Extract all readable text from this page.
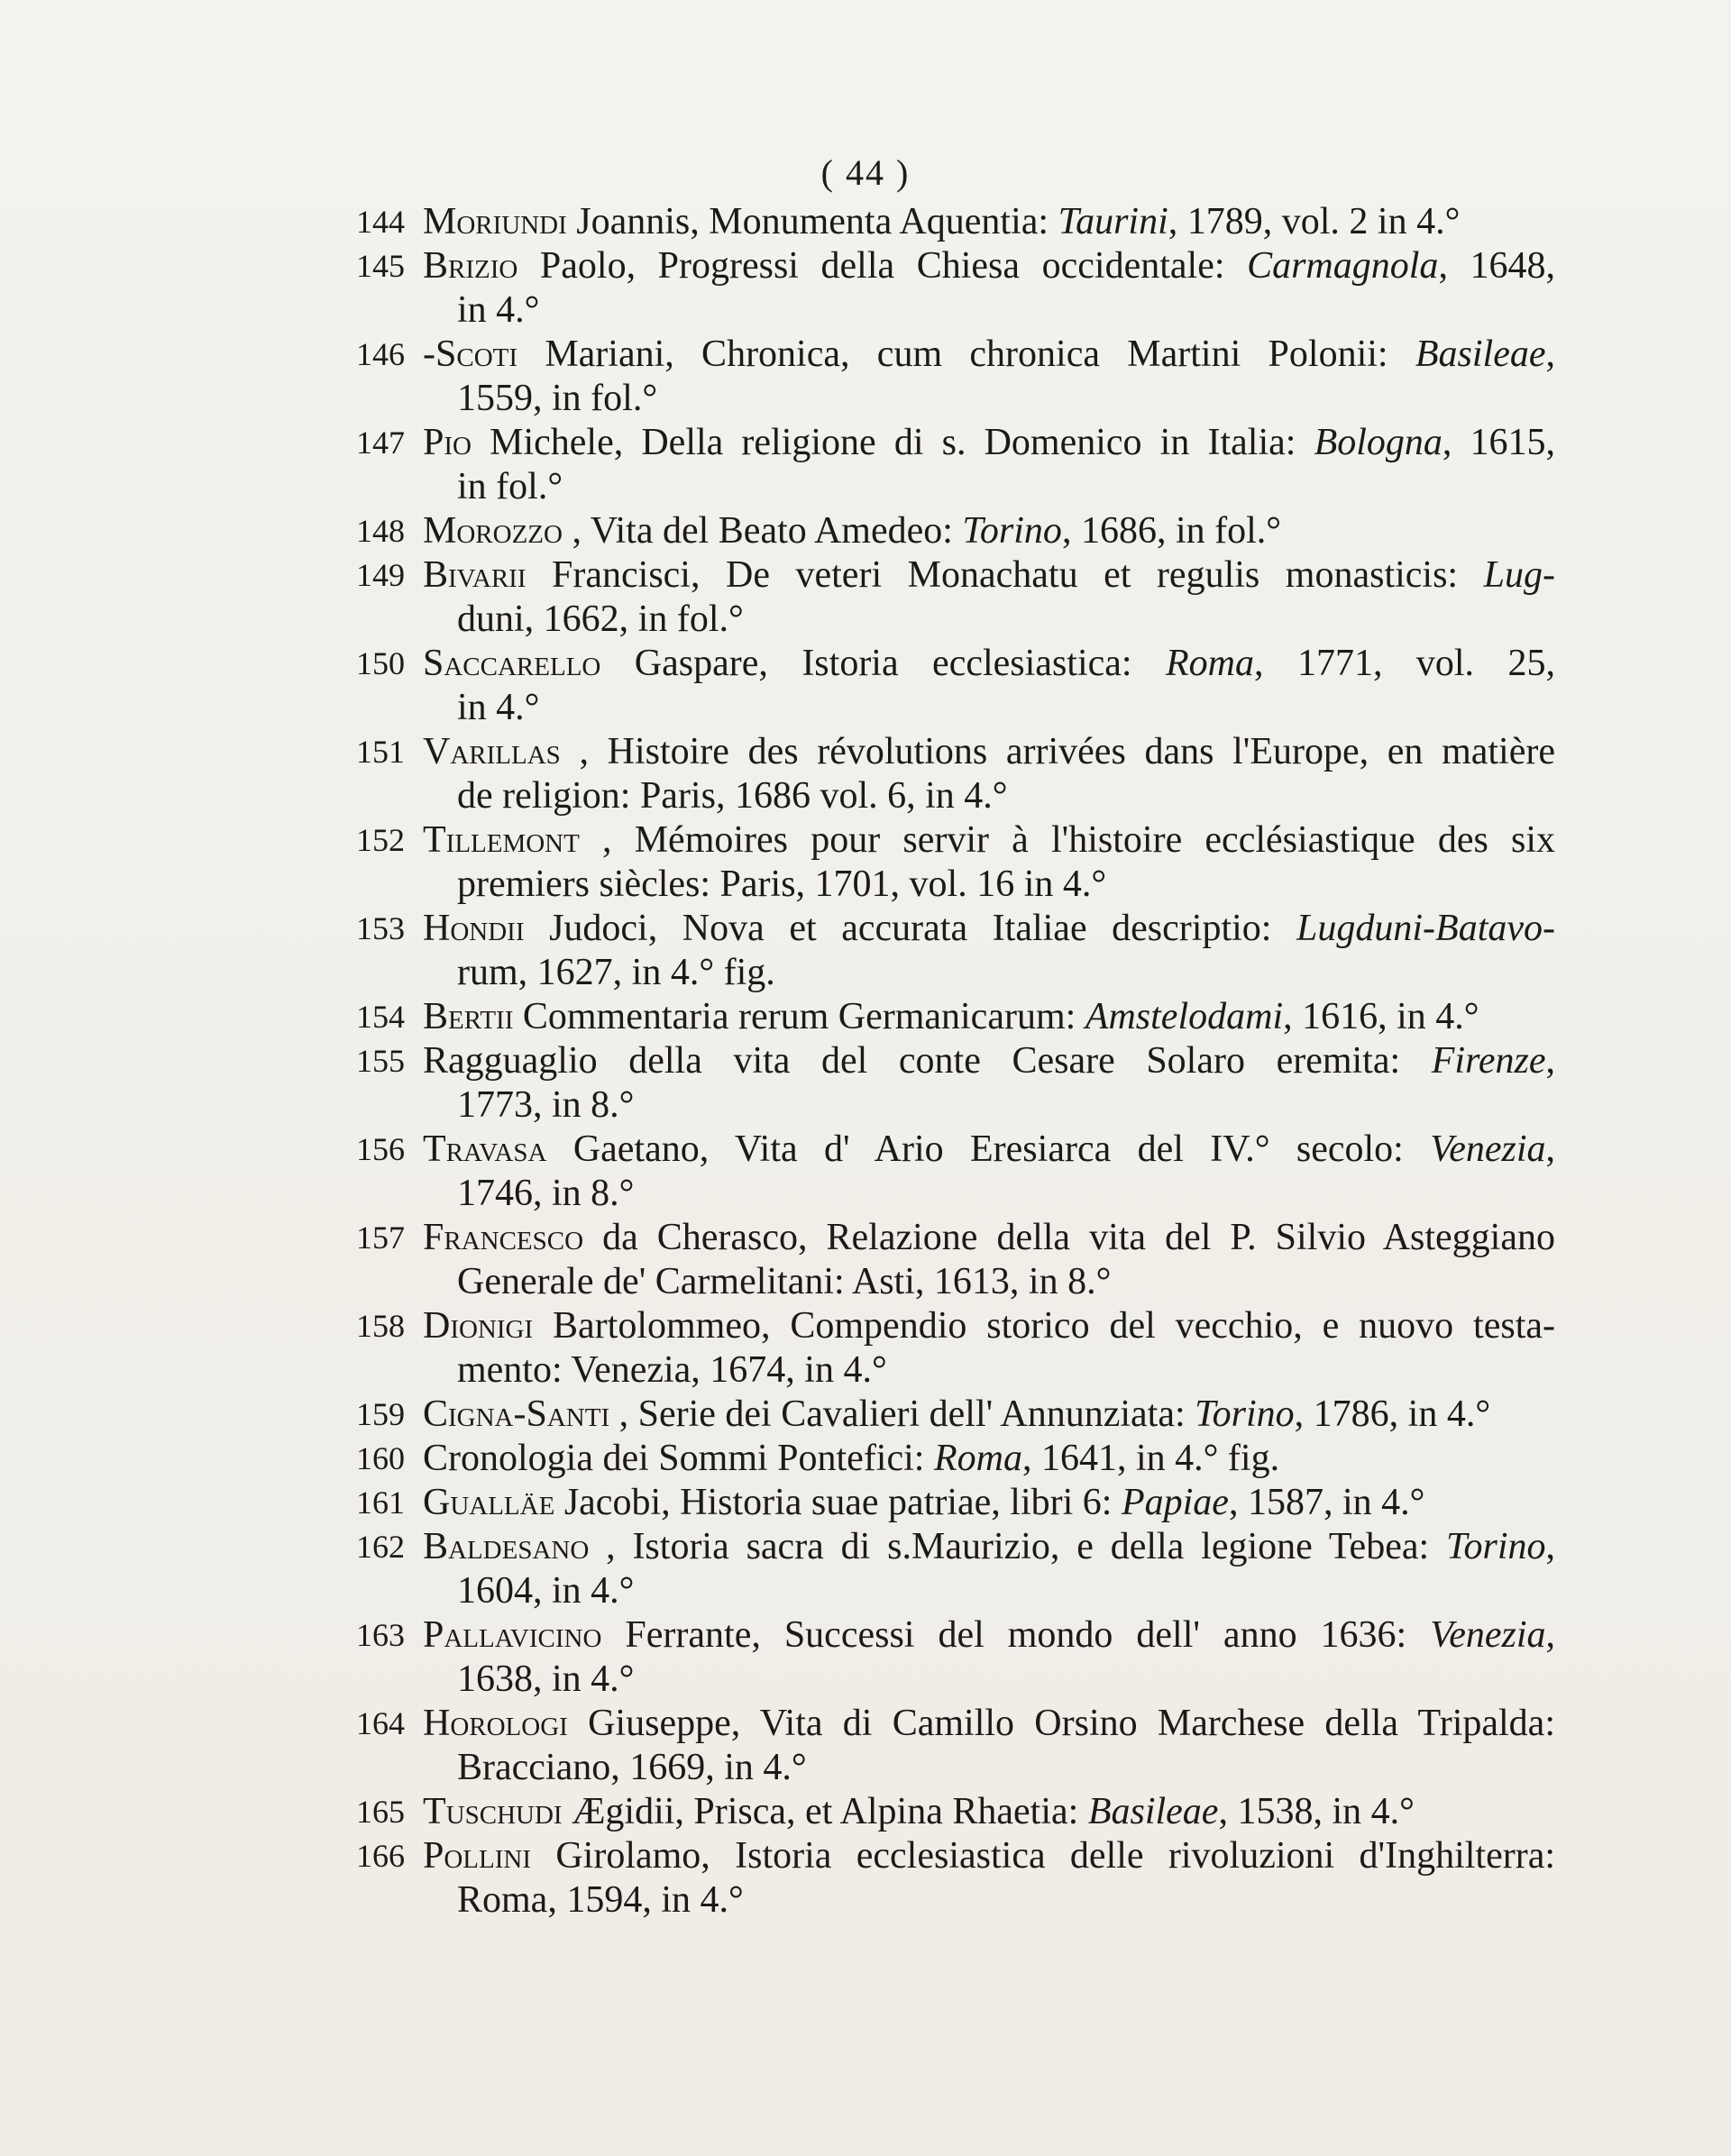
( 44 )
144 Moriundi Joannis, Monumenta Aquentia: Taurini, 1789, vol. 2 in 4.°
145 Brizio Paolo, Progressi della Chiesa occidentale: Carmagnola, 1648,
in 4.°
146 -Scoti Mariani, Chronica, cum chronica Martini Polonii: Basileae,
1559, in fol.°
147 Pio Michele, Della religione di s. Domenico in Italia: Bologna, 1615,
in fol.°
148 Morozzo , Vita del Beato Amedeo: Torino, 1686, in fol.°
149 Bivarii Francisci, De veteri Monachatu et regulis monasticis: Lug-
duni, 1662, in fol.°
150 Saccarello Gaspare, Istoria ecclesiastica: Roma, 1771, vol. 25,
in 4.°
151 Varillas , Histoire des révolutions arrivées dans l'Europe, en matière
de religion: Paris, 1686 vol. 6, in 4.°
152 Tillemont , Mémoires pour servir à l'histoire ecclésiastique des six
premiers siècles: Paris, 1701, vol. 16 in 4.°
153 Hondii Judoci, Nova et accurata Italiae descriptio: Lugduni-Batavo-
rum, 1627, in 4.° fig.
154 Bertii Commentaria rerum Germanicarum: Amstelodami, 1616, in 4.°
155 Ragguaglio della vita del conte Cesare Solaro eremita: Firenze,
1773, in 8.°
156 Travasa Gaetano, Vita d' Ario Eresiarca del IV.° secolo: Venezia,
1746, in 8.°
157 Francesco da Cherasco, Relazione della vita del P. Silvio Asteggiano
Generale de' Carmelitani: Asti, 1613, in 8.°
158 Dionigi Bartolommeo, Compendio storico del vecchio, e nuovo testa-
mento: Venezia, 1674, in 4.°
159 Cigna-Santi , Serie dei Cavalieri dell' Annunziata: Torino, 1786, in 4.°
160 Cronologia dei Sommi Pontefici: Roma, 1641, in 4.° fig.
161 Gualläe Jacobi, Historia suae patriae, libri 6: Papiae, 1587, in 4.°
162 Baldesano , Istoria sacra di s.Maurizio, e della legione Tebea: Torino,
1604, in 4.°
163 Pallavicino Ferrante, Successi del mondo dell' anno 1636: Venezia,
1638, in 4.°
164 Horologi Giuseppe, Vita di Camillo Orsino Marchese della Tripalda:
Bracciano, 1669, in 4.°
165 Tuschudi Ægidii, Prisca, et Alpina Rhaetia: Basileae, 1538, in 4.°
166 Pollini Girolamo, Istoria ecclesiastica delle rivoluzioni d'Inghilterra:
Roma, 1594, in 4.°
